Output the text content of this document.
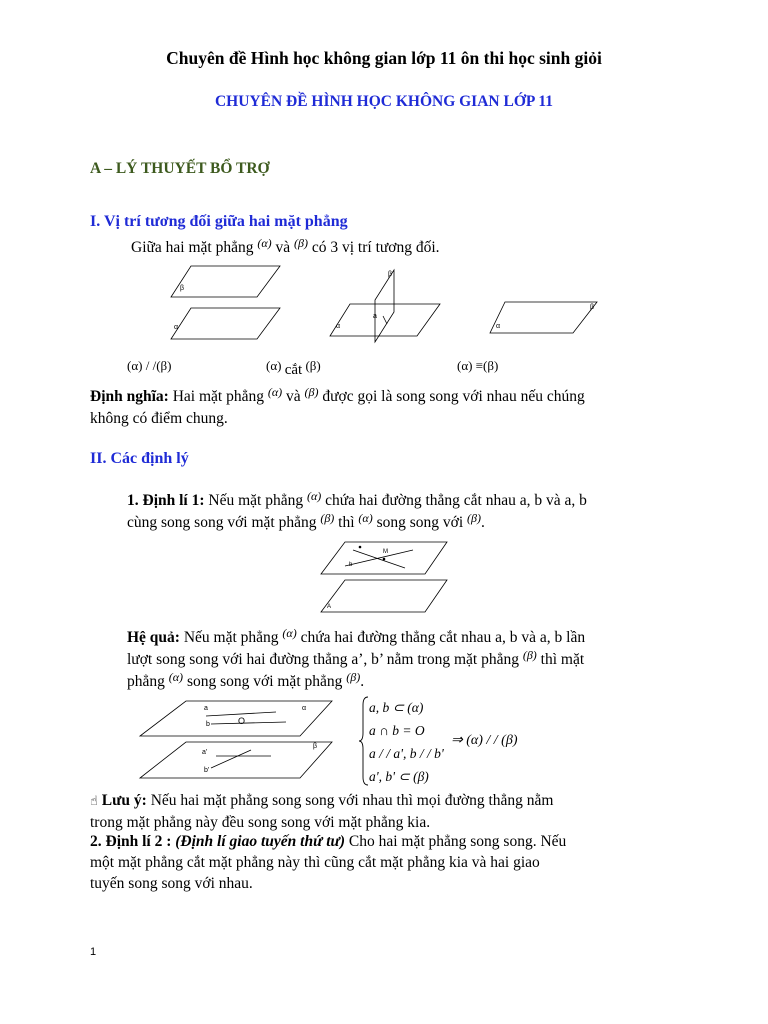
Chuyên đề Hình học không gian lớp 11 ôn thi học sinh giỏi
CHUYÊN ĐỀ HÌNH HỌC KHÔNG GIAN LỚP 11
A – LÝ THUYẾT BỔ TRỢ
I. Vị trí tương đối giữa hai mặt phẳng
Giữa hai mặt phẳng $^{(\alpha)}$ và $^{(\beta)}$ có 3 vị trí tương đối.
β
α
β
α
a
β
α
(α) / /(β)	(α) cắt (β)	(α) ≡(β)
Định nghĩa: Hai mặt phẳng $^{(\alpha)}$ và $^{(\beta)}$ được gọi là song song với nhau nếu chúng
không có điểm chung.
II. Các định lý
1. Định lí 1: Nếu mặt phẳng $^{(\alpha)}$ chứa hai đường thẳng cắt nhau a, b và a, b
cùng song song với mặt phẳng $^{(\beta)}$ thì $^{(\alpha)}$ song song với $^{(\beta)}$.
M
b
A
Hệ quả: Nếu mặt phẳng $^{(\alpha)}$ chứa hai đường thẳng cắt nhau a, b và a, b lần
lượt song song với hai đường thẳng a’, b’ nằm trong mặt phẳng $^{(\beta)}$ thì mặt
phẳng $^{(\alpha)}$ song song với mặt phẳng $^{(\beta)}$.
a
b	O
α
a'
b'
β
a, b ⊂ (α)
a ∩ b = O
a / / a', b / / b'
a', b' ⊂ (β)
⇒ (α) / / (β)
☝ Lưu ý: Nếu hai mặt phẳng song song với nhau thì mọi đường thẳng nằm
trong mặt phẳng này đều song song với mặt phẳng kia.
2. Định lí 2 : (Định lí giao tuyến thứ tư) Cho hai mặt phẳng song song. Nếu
một mặt phẳng cắt mặt phẳng này thì cũng cắt mặt phẳng kia và hai giao
tuyến song song với nhau.
1
